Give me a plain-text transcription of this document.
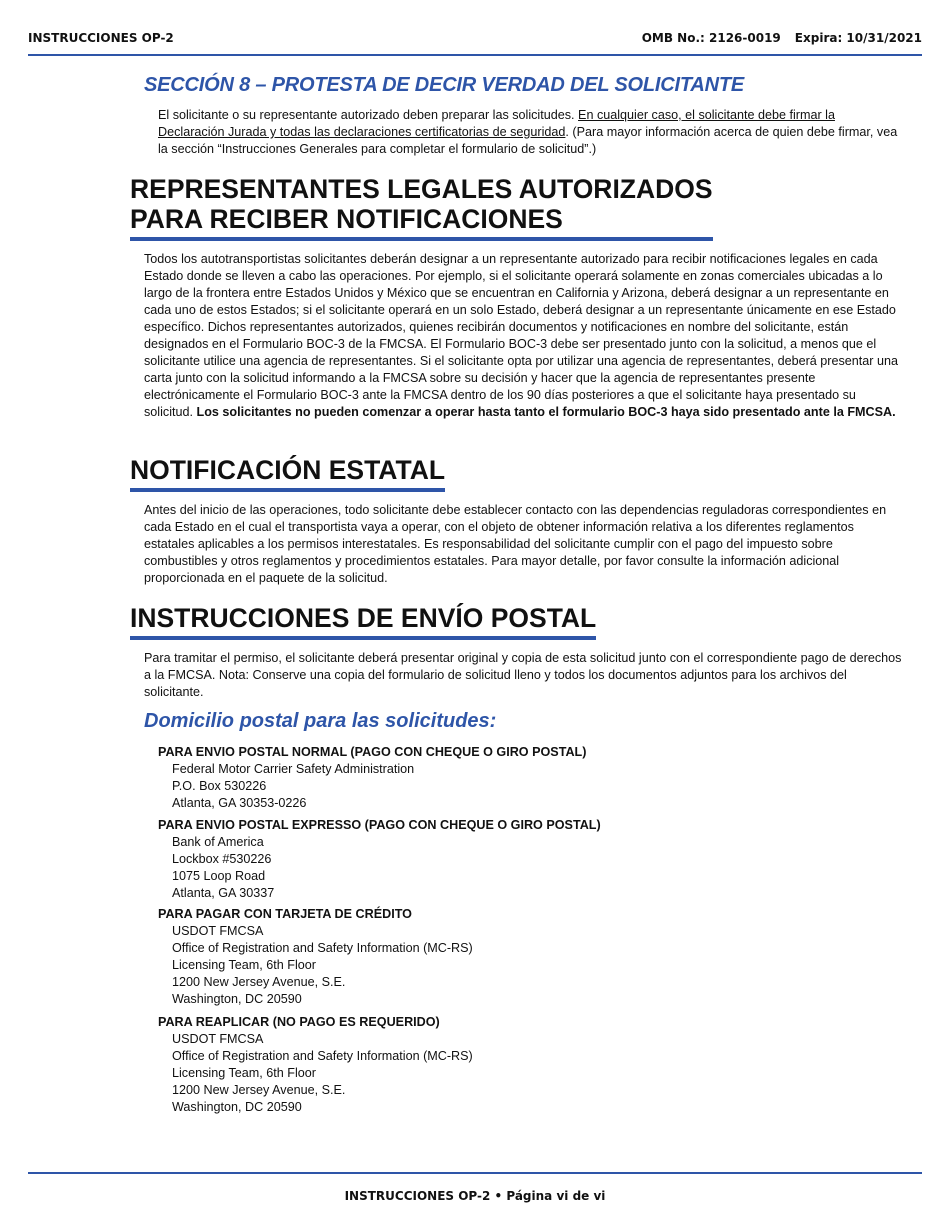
INSTRUCCIONES OP-2	OMB No.: 2126-0019 Expira: 10/31/2021
SECCIÓN 8 – PROTESTA DE DECIR VERDAD DEL SOLICITANTE

El solicitante o su representante autorizado deben preparar las solicitudes. En cualquier caso, el solicitante debe firmar la Declaración Jurada y todas las declaraciones certificatorias de seguridad. (Para mayor información acerca de quien debe firmar, vea la sección “Instrucciones Generales para completar el formulario de solicitud”.)

REPRESENTANTES LEGALES AUTORIZADOS
PARA RECIBER NOTIFICACIONES

Todos los autotransportistas solicitantes deberán designar a un representante autorizado para recibir notificaciones legales en cada Estado donde se lleven a cabo las operaciones. Por ejemplo, si el solicitante operará solamente en zonas comerciales ubicadas a lo largo de la frontera entre Estados Unidos y México que se encuentran en California y Arizona, deberá designar a un representante en cada uno de estos Estados; si el solicitante operará en un solo Estado, deberá designar a un representante únicamente en ese Estado específico. Dichos representantes autorizados, quienes recibirán documentos y notificaciones en nombre del solicitante, están designados en el Formulario BOC-3 de la FMCSA. El Formulario BOC-3 debe ser presentado junto con la solicitud, a menos que el solicitante utilice una agencia de representantes. Si el solicitante opta por utilizar una agencia de representantes, deberá presentar una carta junto con la solicitud informando a la FMCSA sobre su decisión y hacer que la agencia de representantes presente electrónicamente el Formulario BOC-3 ante la FMCSA dentro de los 90 días posteriores a que el solicitante haya presentado su solicitud. Los solicitantes no pueden comenzar a operar hasta tanto el formulario BOC-3 haya sido presentado ante la FMCSA.

NOTIFICACIÓN ESTATAL

Antes del inicio de las operaciones, todo solicitante debe establecer contacto con las dependencias reguladoras correspondientes en cada Estado en el cual el transportista vaya a operar, con el objeto de obtener información relativa a los diferentes reglamentos estatales aplicables a los permisos interestatales. Es responsabilidad del solicitante cumplir con el pago del impuesto sobre combustibles y otros reglamentos y procedimientos estatales. Para mayor detalle, por favor consulte la información adicional proporcionada en el paquete de la solicitud.

INSTRUCCIONES DE ENVÍO POSTAL

Para tramitar el permiso, el solicitante deberá presentar original y copia de esta solicitud junto con el correspondiente pago de derechos a la FMCSA. Nota: Conserve una copia del formulario de solicitud lleno y todos los documentos adjuntos para los archivos del solicitante.

Domicilio postal para las solicitudes:

PARA ENVIO POSTAL NORMAL (PAGO CON CHEQUE O GIRO POSTAL)

Federal Motor Carrier Safety Administration
P.O. Box 530226
Atlanta, GA 30353-0226

PARA ENVIO POSTAL EXPRESSO (PAGO CON CHEQUE O GIRO POSTAL)

Bank of America
Lockbox #530226
1075 Loop Road
Atlanta, GA 30337

PARA PAGAR CON TARJETA DE CRÉDITO

USDOT FMCSA
Office of Registration and Safety Information (MC-RS)
Licensing Team, 6th Floor
1200 New Jersey Avenue, S.E.
Washington, DC 20590

PARA REAPLICAR (NO PAGO ES REQUERIDO)

USDOT FMCSA
Office of Registration and Safety Information (MC-RS)
Licensing Team, 6th Floor
1200 New Jersey Avenue, S.E.
Washington, DC 20590
INSTRUCCIONES OP-2 • Página vi de vi
